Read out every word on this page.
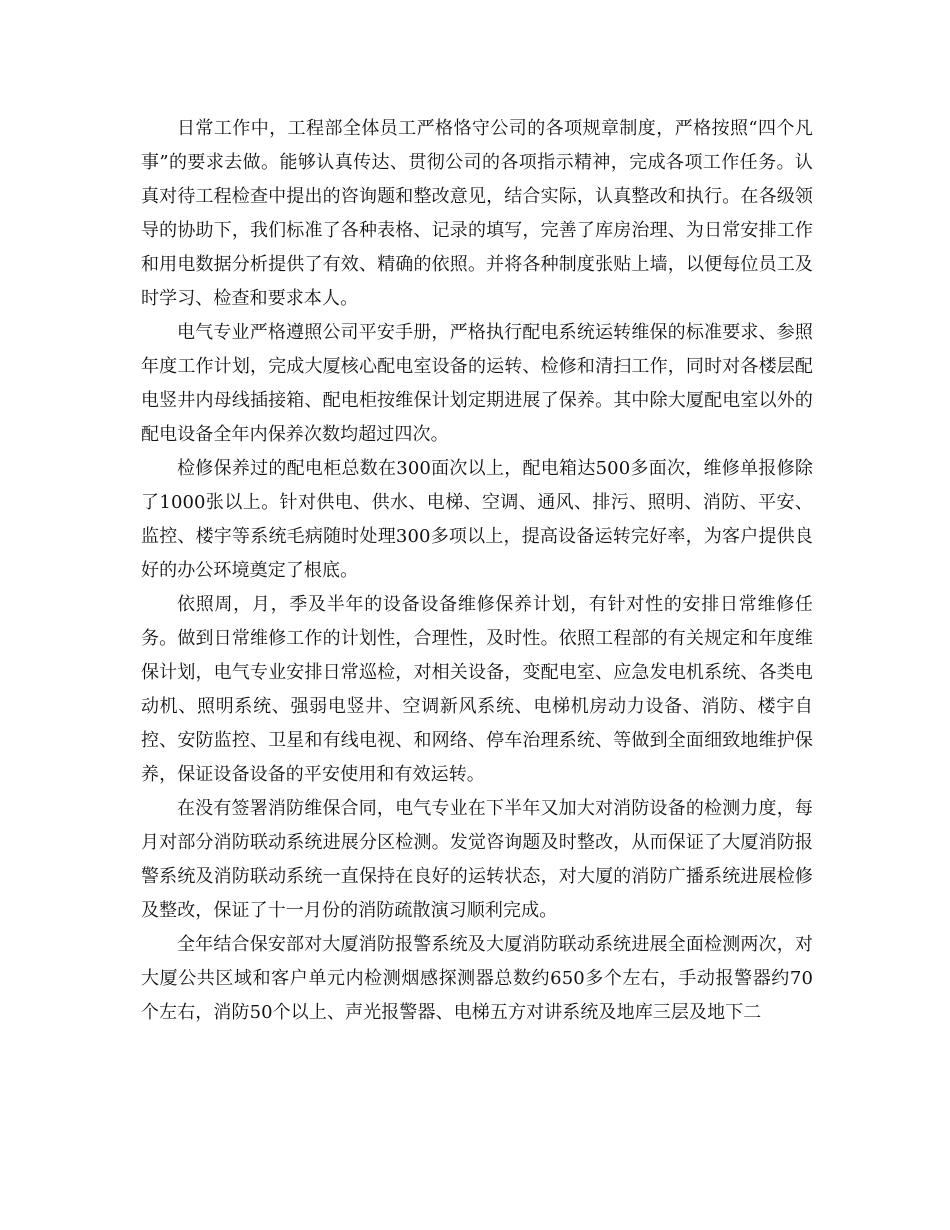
日常工作中，工程部全体员工严格恪守公司的各项规章制度，严格按照“四个凡事”的要求去做。能够认真传达、贯彻公司的各项指示精神，完成各项工作任务。认真对待工程检查中提出的咨询题和整改意见，结合实际，认真整改和执行。在各级领导的协助下，我们标准了各种表格、记录的填写，完善了库房治理、为日常安排工作和用电数据分析提供了有效、精确的依照。并将各种制度张贴上墙，以便每位员工及时学习、检查和要求本人。

电气专业严格遵照公司平安手册，严格执行配电系统运转维保的标准要求、参照年度工作计划，完成大厦核心配电室设备的运转、检修和清扫工作，同时对各楼层配电竖井内母线插接箱、配电柜按维保计划定期进展了保养。其中除大厦配电室以外的配电设备全年内保养次数均超过四次。

检修保养过的配电柜总数在300面次以上，配电箱达500多面次，维修单报修除了1000张以上。针对供电、供水、电梯、空调、通风、排污、照明、消防、平安、监控、楼宇等系统毛病随时处理300多项以上，提高设备运转完好率，为客户提供良好的办公环境奠定了根底。

依照周，月，季及半年的设备设备维修保养计划，有针对性的安排日常维修任务。做到日常维修工作的计划性，合理性，及时性。依照工程部的有关规定和年度维保计划，电气专业安排日常巡检，对相关设备，变配电室、应急发电机系统、各类电动机、照明系统、强弱电竖井、空调新风系统、电梯机房动力设备、消防、楼宇自控、安防监控、卫星和有线电视、和网络、停车治理系统、等做到全面细致地维护保养，保证设备设备的平安使用和有效运转。

在没有签署消防维保合同，电气专业在下半年又加大对消防设备的检测力度，每月对部分消防联动系统进展分区检测。发觉咨询题及时整改，从而保证了大厦消防报警系统及消防联动系统一直保持在良好的运转状态，对大厦的消防广播系统进展检修及整改，保证了十一月份的消防疏散演习顺利完成。

全年结合保安部对大厦消防报警系统及大厦消防联动系统进展全面检测两次，对大厦公共区域和客户单元内检测烟感探测器总数约650多个左右，手动报警器约70个左右，消防50个以上、声光报警器、电梯五方对讲系统及地库三层及地下二
